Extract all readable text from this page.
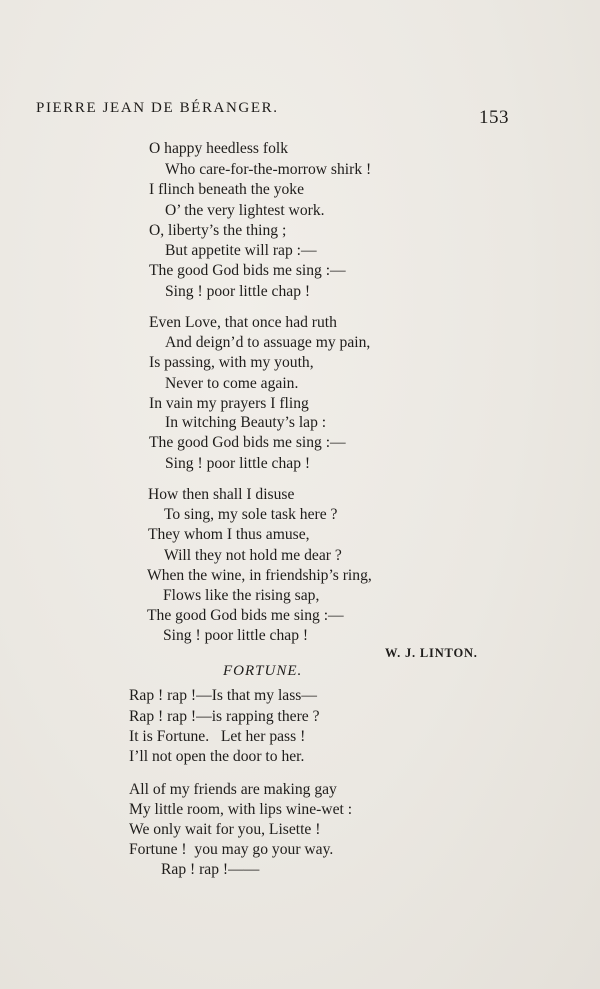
PIERRE JEAN DE BÉRANGER.	153
O happy heedless folk
Who care-for-the-morrow shirk !
I flinch beneath the yoke
O’ the very lightest work.
O, liberty’s the thing ;
But appetite will rap :—
The good God bids me sing :—
Sing ! poor little chap !
Even Love, that once had ruth
And deign’d to assuage my pain,
Is passing, with my youth,
Never to come again.
In vain my prayers I fling
In witching Beauty’s lap :
The good God bids me sing :—
Sing ! poor little chap !
How then shall I disuse
To sing, my sole task here ?
They whom I thus amuse,
Will they not hold me dear ?
When the wine, in friendship’s ring,
Flows like the rising sap,
The good God bids me sing :—
Sing ! poor little chap !
W. J. LINTON.
FORTUNE.
Rap ! rap !—Is that my lass—
Rap ! rap !—is rapping there ?
It is Fortune.   Let her pass !
I’ll not open the door to her.
All of my friends are making gay
My little room, with lips wine-wet :
We only wait for you, Lisette !
Fortune !  you may go your way.
Rap ! rap !——
